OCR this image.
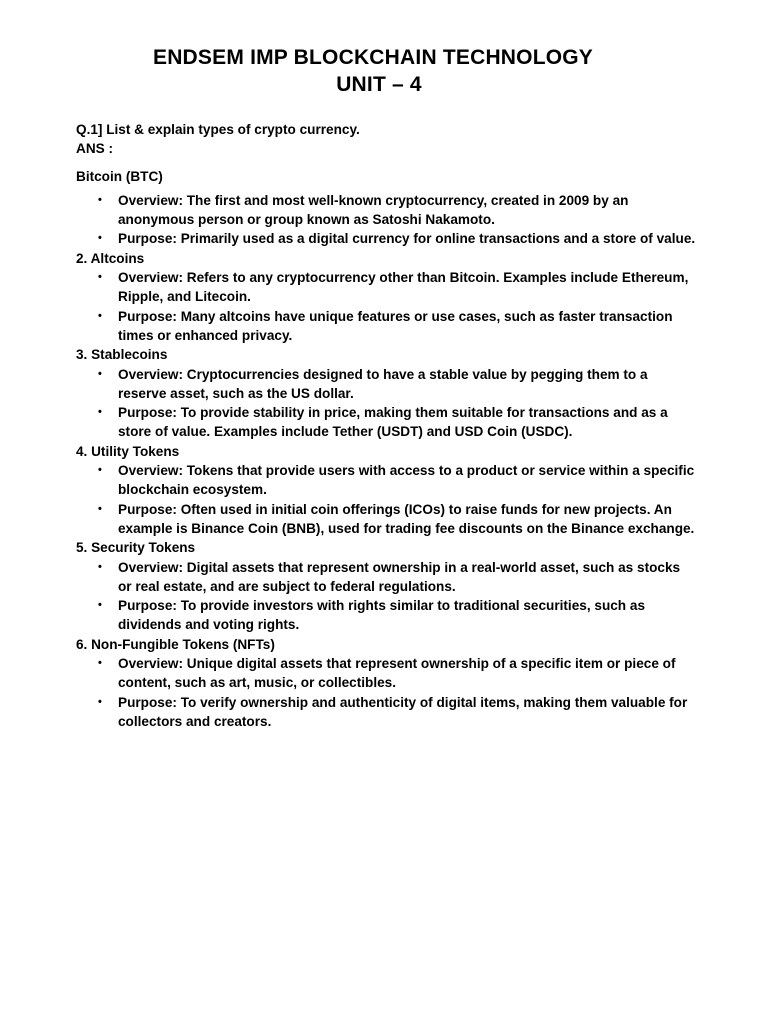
ENDSEM IMP BLOCKCHAIN TECHNOLOGY
UNIT – 4

Q.1] List & explain types of crypto currency.

ANS :

Bitcoin (BTC)

• Overview: The first and most well-known cryptocurrency, created in 2009 by an anonymous person or group known as Satoshi Nakamoto.
• Purpose: Primarily used as a digital currency for online transactions and a store of value.

2. Altcoins

• Overview: Refers to any cryptocurrency other than Bitcoin. Examples include Ethereum, Ripple, and Litecoin.
• Purpose: Many altcoins have unique features or use cases, such as faster transaction times or enhanced privacy.

3. Stablecoins

• Overview: Cryptocurrencies designed to have a stable value by pegging them to a reserve asset, such as the US dollar.
• Purpose: To provide stability in price, making them suitable for transactions and as a store of value. Examples include Tether (USDT) and USD Coin (USDC).

4. Utility Tokens

• Overview: Tokens that provide users with access to a product or service within a specific blockchain ecosystem.
• Purpose: Often used in initial coin offerings (ICOs) to raise funds for new projects. An example is Binance Coin (BNB), used for trading fee discounts on the Binance exchange.

5. Security Tokens

• Overview: Digital assets that represent ownership in a real-world asset, such as stocks or real estate, and are subject to federal regulations.
• Purpose: To provide investors with rights similar to traditional securities, such as dividends and voting rights.

6. Non-Fungible Tokens (NFTs)

• Overview: Unique digital assets that represent ownership of a specific item or piece of content, such as art, music, or collectibles.
• Purpose: To verify ownership and authenticity of digital items, making them valuable for collectors and creators.
